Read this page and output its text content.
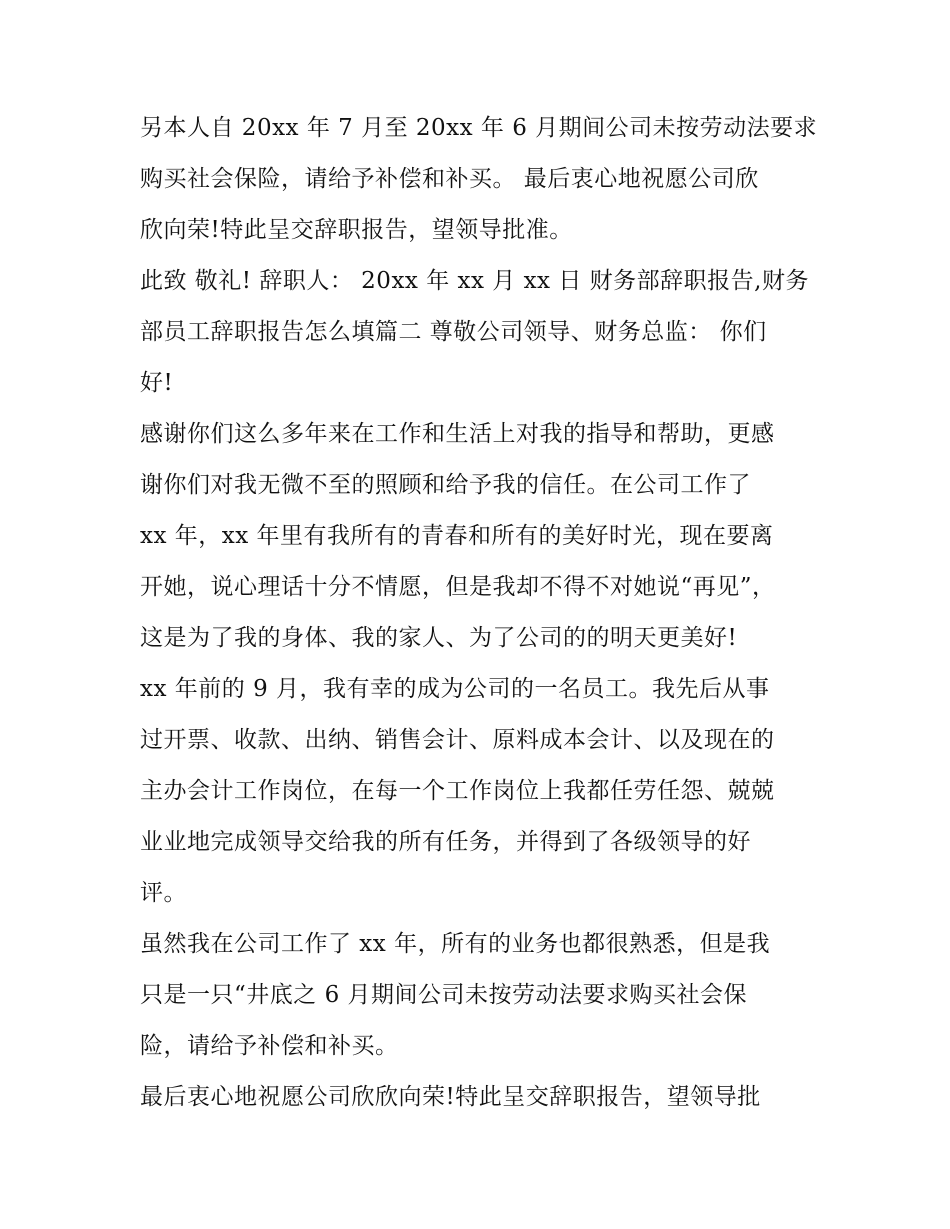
另本人自 20xx 年 7 月至 20xx 年 6 月期间公司未按劳动法要求
购买社会保险，请给予补偿和补买。 最后衷心地祝愿公司欣
欣向荣!特此呈交辞职报告，望领导批准。
此致 敬礼! 辞职人： 20xx 年 xx 月 xx 日 财务部辞职报告,财务
部员工辞职报告怎么填篇二 尊敬公司领导、财务总监： 你们
好!
感谢你们这么多年来在工作和生活上对我的指导和帮助，更感
谢你们对我无微不至的照顾和给予我的信任。在公司工作了
xx 年，xx 年里有我所有的青春和所有的美好时光，现在要离
开她，说心理话十分不情愿，但是我却不得不对她说“再见”，
这是为了我的身体、我的家人、为了公司的的明天更美好!
xx 年前的 9 月，我有幸的成为公司的一名员工。我先后从事
过开票、收款、出纳、销售会计、原料成本会计、以及现在的
主办会计工作岗位，在每一个工作岗位上我都任劳任怨、兢兢
业业地完成领导交给我的所有任务，并得到了各级领导的好
评。
虽然我在公司工作了 xx 年，所有的业务也都很熟悉，但是我
只是一只“井底之 6 月期间公司未按劳动法要求购买社会保
险，请给予补偿和补买。
最后衷心地祝愿公司欣欣向荣!特此呈交辞职报告，望领导批
